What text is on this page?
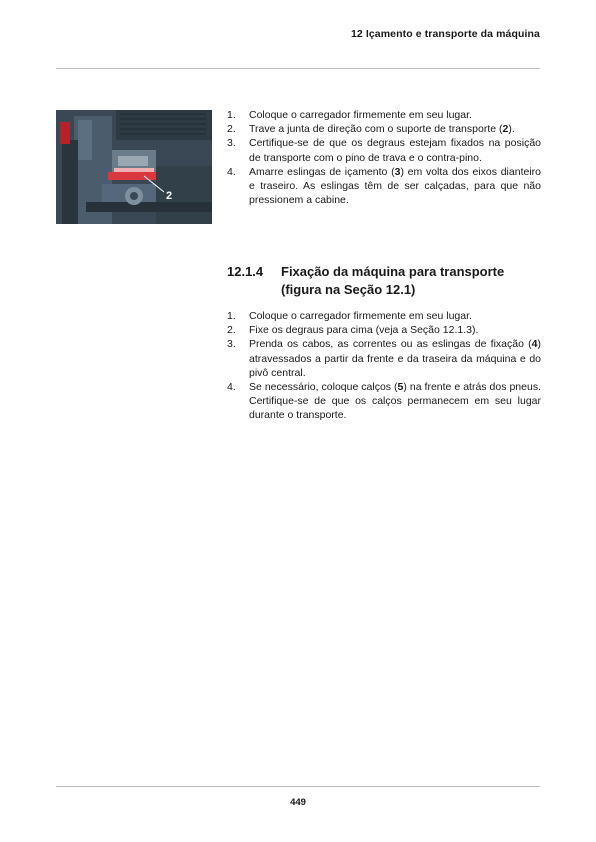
12 Içamento e transporte da máquina
2
1. Coloque o carregador firmemente em seu lugar.
2. Trave a junta de direção com o suporte de transporte (2).
3. Certifique-se de que os degraus estejam fixados na posição de transporte com o pino de trava e o contra-pino.
4. Amarre eslingas de içamento (3) em volta dos eixos dianteiro e traseiro. As eslingas têm de ser calçadas, para que não pressionem a cabine.
12.1.4	Fixação da máquina para transporte
(figura na Seção 12.1)
1. Coloque o carregador firmemente em seu lugar.
2. Fixe os degraus para cima (veja a Seção 12.1.3).
3. Prenda os cabos, as correntes ou as eslingas de fixação (4) atravessados a partir da frente e da traseira da máquina e do pivô central.
4. Se necessário, coloque calços (5) na frente e atrás dos pneus. Certifique-se de que os calços permanecem em seu lugar durante o transporte.
449
